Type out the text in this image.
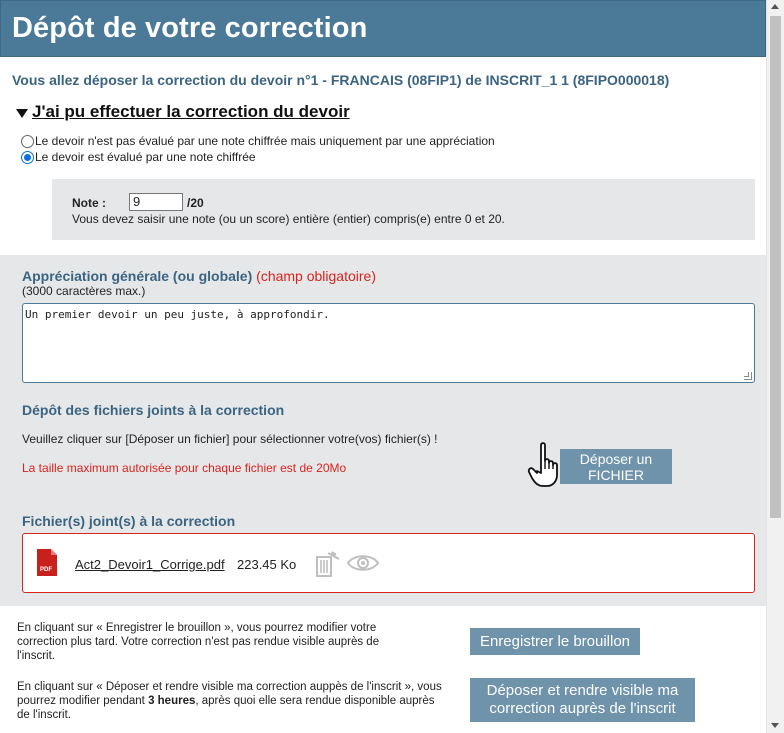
Dépôt de votre correction
Vous allez déposer la correction du devoir n°1 - FRANCAIS (08FIP1) de INSCRIT_1 1 (8FIPO000018)
J'ai pu effectuer la correction du devoir
Le devoir n'est pas évalué par une note chiffrée mais uniquement par une appréciation
Le devoir est évalué par une note chiffrée
Note :	9	/20
Vous devez saisir une note (ou un score) entière (entier) compris(e) entre 0 et 20.
Appréciation générale (ou globale) (champ obligatoire)
(3000 caractères max.)
Un premier devoir un peu juste, à approfondir.
Dépôt des fichiers joints à la correction
Veuillez cliquer sur [Déposer un fichier] pour sélectionner votre(vos) fichier(s) !
La taille maximum autorisée pour chaque fichier est de 20Mo
Déposer un
FICHIER
Fichier(s) joint(s) à la correction
PDF Act2_Devoir1_Corrige.pdf 223.45 Ko
En cliquant sur « Enregistrer le brouillon », vous pourrez modifier votre correction plus tard. Votre correction n'est pas rendue visible auprès de l'inscrit.
En cliquant sur « Déposer et rendre visible ma correction auppès de l'inscrit », vous pourrez modifier pendant 3 heures, après quoi elle sera rendue disponible auprès de l'inscrit.
Enregistrer le brouillon
Déposer et rendre visible ma
correction auprès de l'inscrit
